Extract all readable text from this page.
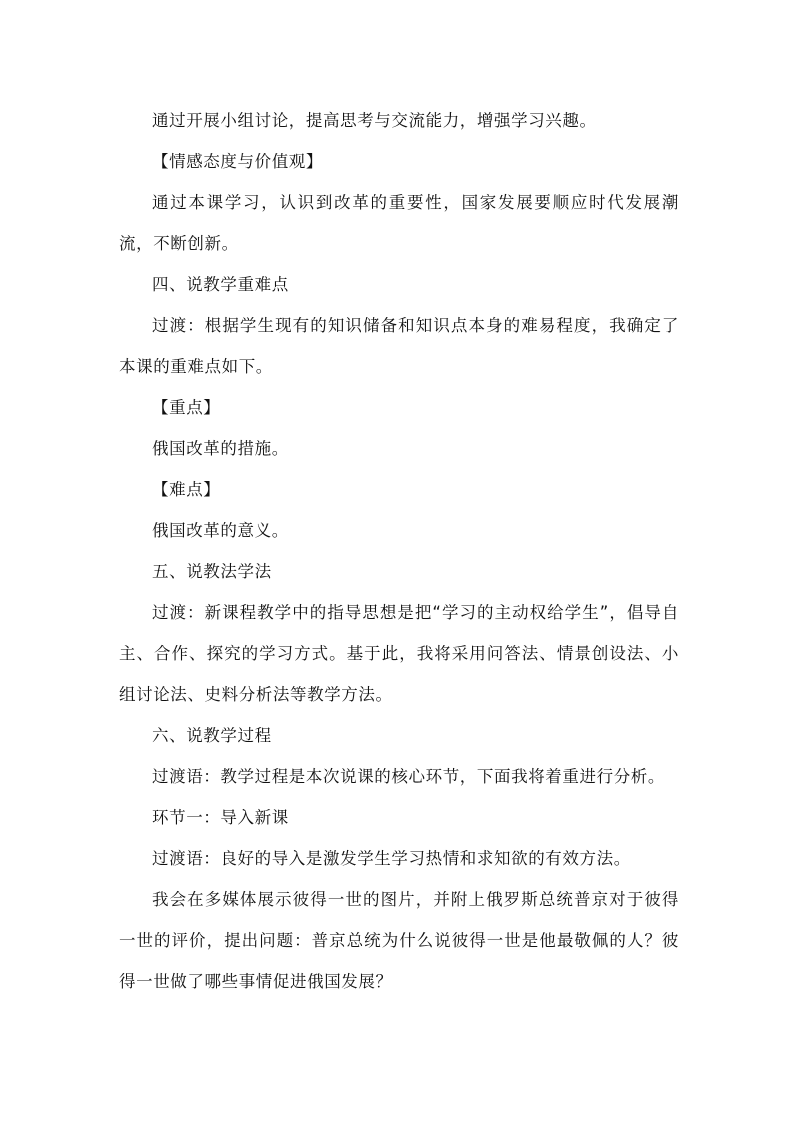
通过开展小组讨论，提高思考与交流能力，增强学习兴趣。

【情感态度与价值观】

通过本课学习，认识到改革的重要性，国家发展要顺应时代发展潮流，不断创新。

四、说教学重难点

过渡：根据学生现有的知识储备和知识点本身的难易程度，我确定了本课的重难点如下。

【重点】

俄国改革的措施。

【难点】

俄国改革的意义。

五、说教法学法

过渡：新课程教学中的指导思想是把“学习的主动权给学生”，倡导自主、合作、探究的学习方式。基于此，我将采用问答法、情景创设法、小组讨论法、史料分析法等教学方法。

六、说教学过程

过渡语：教学过程是本次说课的核心环节，下面我将着重进行分析。

环节一：导入新课

过渡语：良好的导入是激发学生学习热情和求知欲的有效方法。

我会在多媒体展示彼得一世的图片，并附上俄罗斯总统普京对于彼得一世的评价，提出问题：普京总统为什么说彼得一世是他最敬佩的人？彼得一世做了哪些事情促进俄国发展？
